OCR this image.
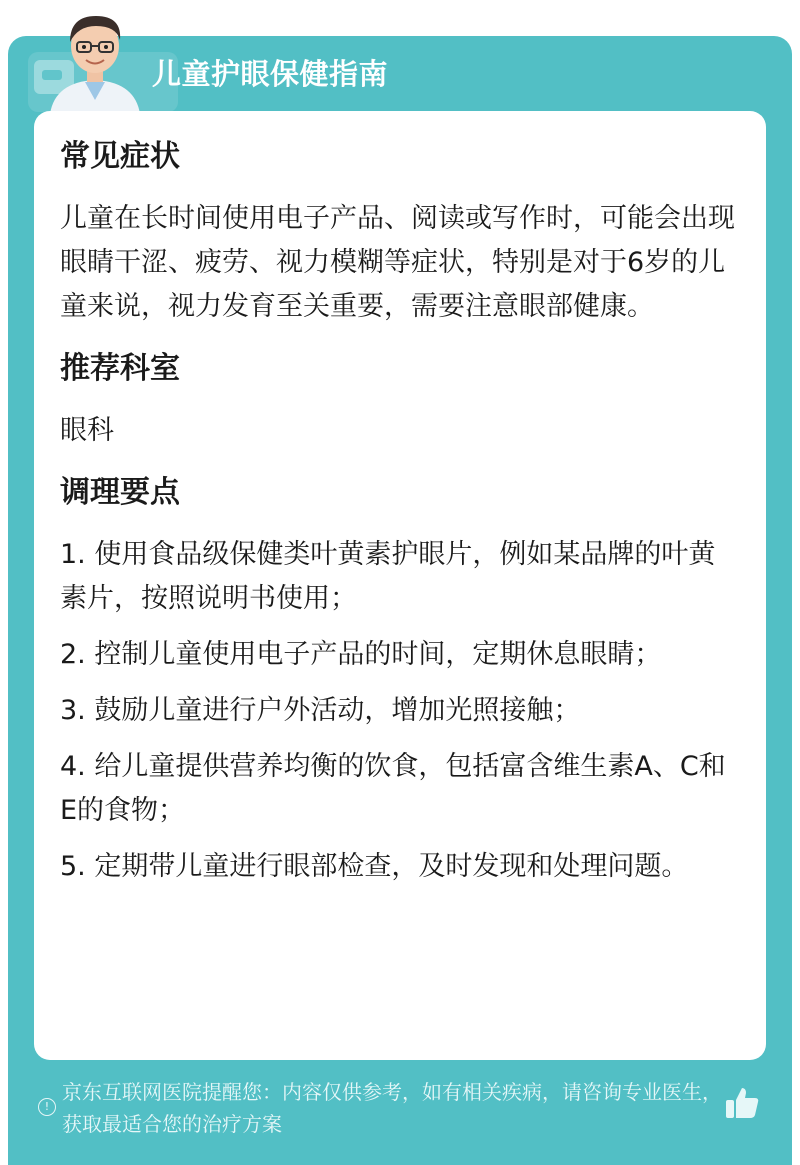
儿童护眼保健指南
常见症状
儿童在长时间使用电子产品、阅读或写作时，可能会出现眼睛干涩、疲劳、视力模糊等症状，特别是对于6岁的儿童来说，视力发育至关重要，需要注意眼部健康。
推荐科室
眼科
调理要点
1. 使用食品级保健类叶黄素护眼片，例如某品牌的叶黄素片，按照说明书使用；
2. 控制儿童使用电子产品的时间，定期休息眼睛；
3. 鼓励儿童进行户外活动，增加光照接触；
4. 给儿童提供营养均衡的饮食，包括富含维生素A、C和E的食物；
5. 定期带儿童进行眼部检查，及时发现和处理问题。
!
京东互联网医院提醒您：内容仅供参考，如有相关疾病，请咨询专业医生，获取最适合您的治疗方案
